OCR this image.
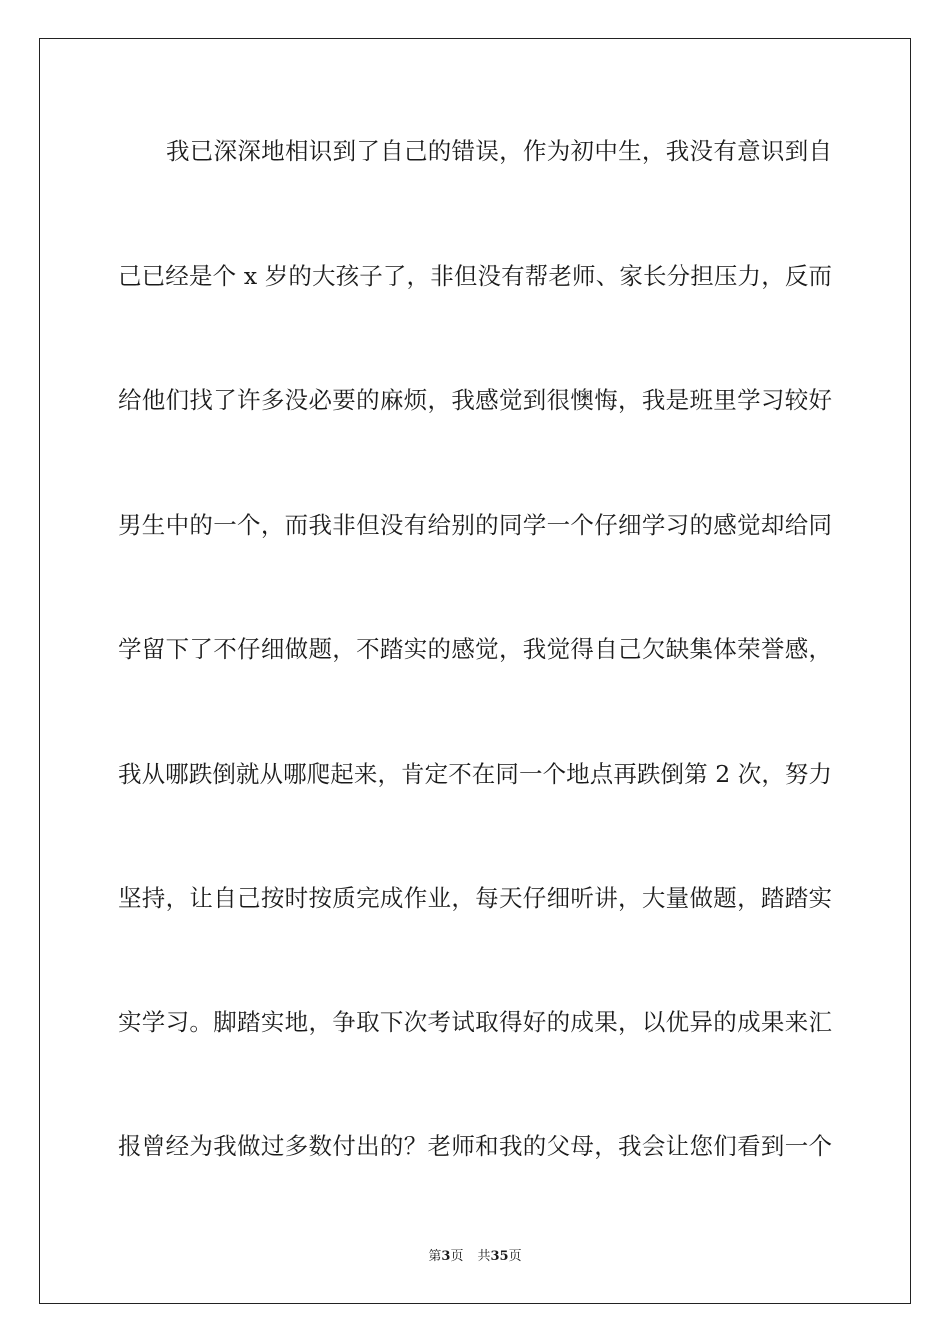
我已深深地相识到了自己的错误，作为初中生，我没有意识到自
己已经是个 x 岁的大孩子了，非但没有帮老师、家长分担压力，反而
给他们找了许多没必要的麻烦，我感觉到很懊悔，我是班里学习较好
男生中的一个，而我非但没有给别的同学一个仔细学习的感觉却给同
学留下了不仔细做题，不踏实的感觉，我觉得自己欠缺集体荣誉感，
我从哪跌倒就从哪爬起来，肯定不在同一个地点再跌倒第 2 次，努力
坚持，让自己按时按质完成作业，每天仔细听讲，大量做题，踏踏实
实学习。脚踏实地，争取下次考试取得好的成果，以优异的成果来汇
报曾经为我做过多数付出的？老师和我的父母，我会让您们看到一个
第3页 共35页
